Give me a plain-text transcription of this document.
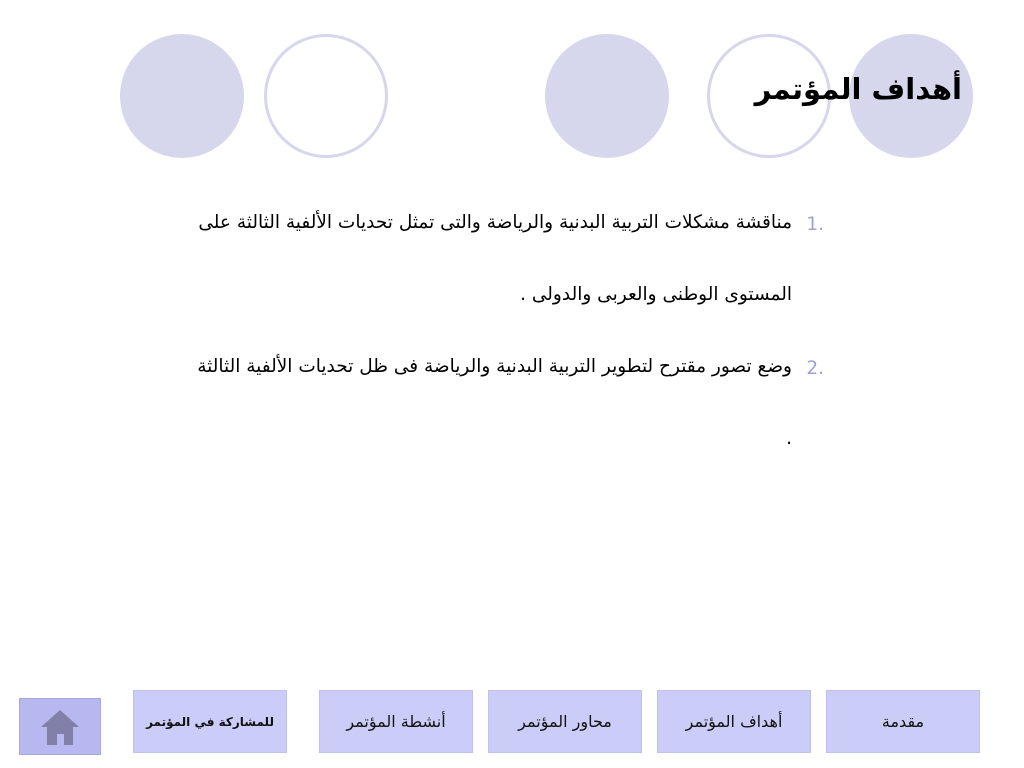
أهداف المؤتمر
1.
مناقشة مشكلات التربية البدنية والرياضة والتى تمثل تحديات الألفية الثالثة على
المستوى الوطنى والعربى والدولى .
2.
وضع تصور مقترح لتطوير التربية البدنية والرياضة فى ظل تحديات الألفية الثالثة
.
مقدمة
أهداف المؤتمر
محاور المؤتمر
أنشطة المؤتمر
للمشاركة في المؤتمر
